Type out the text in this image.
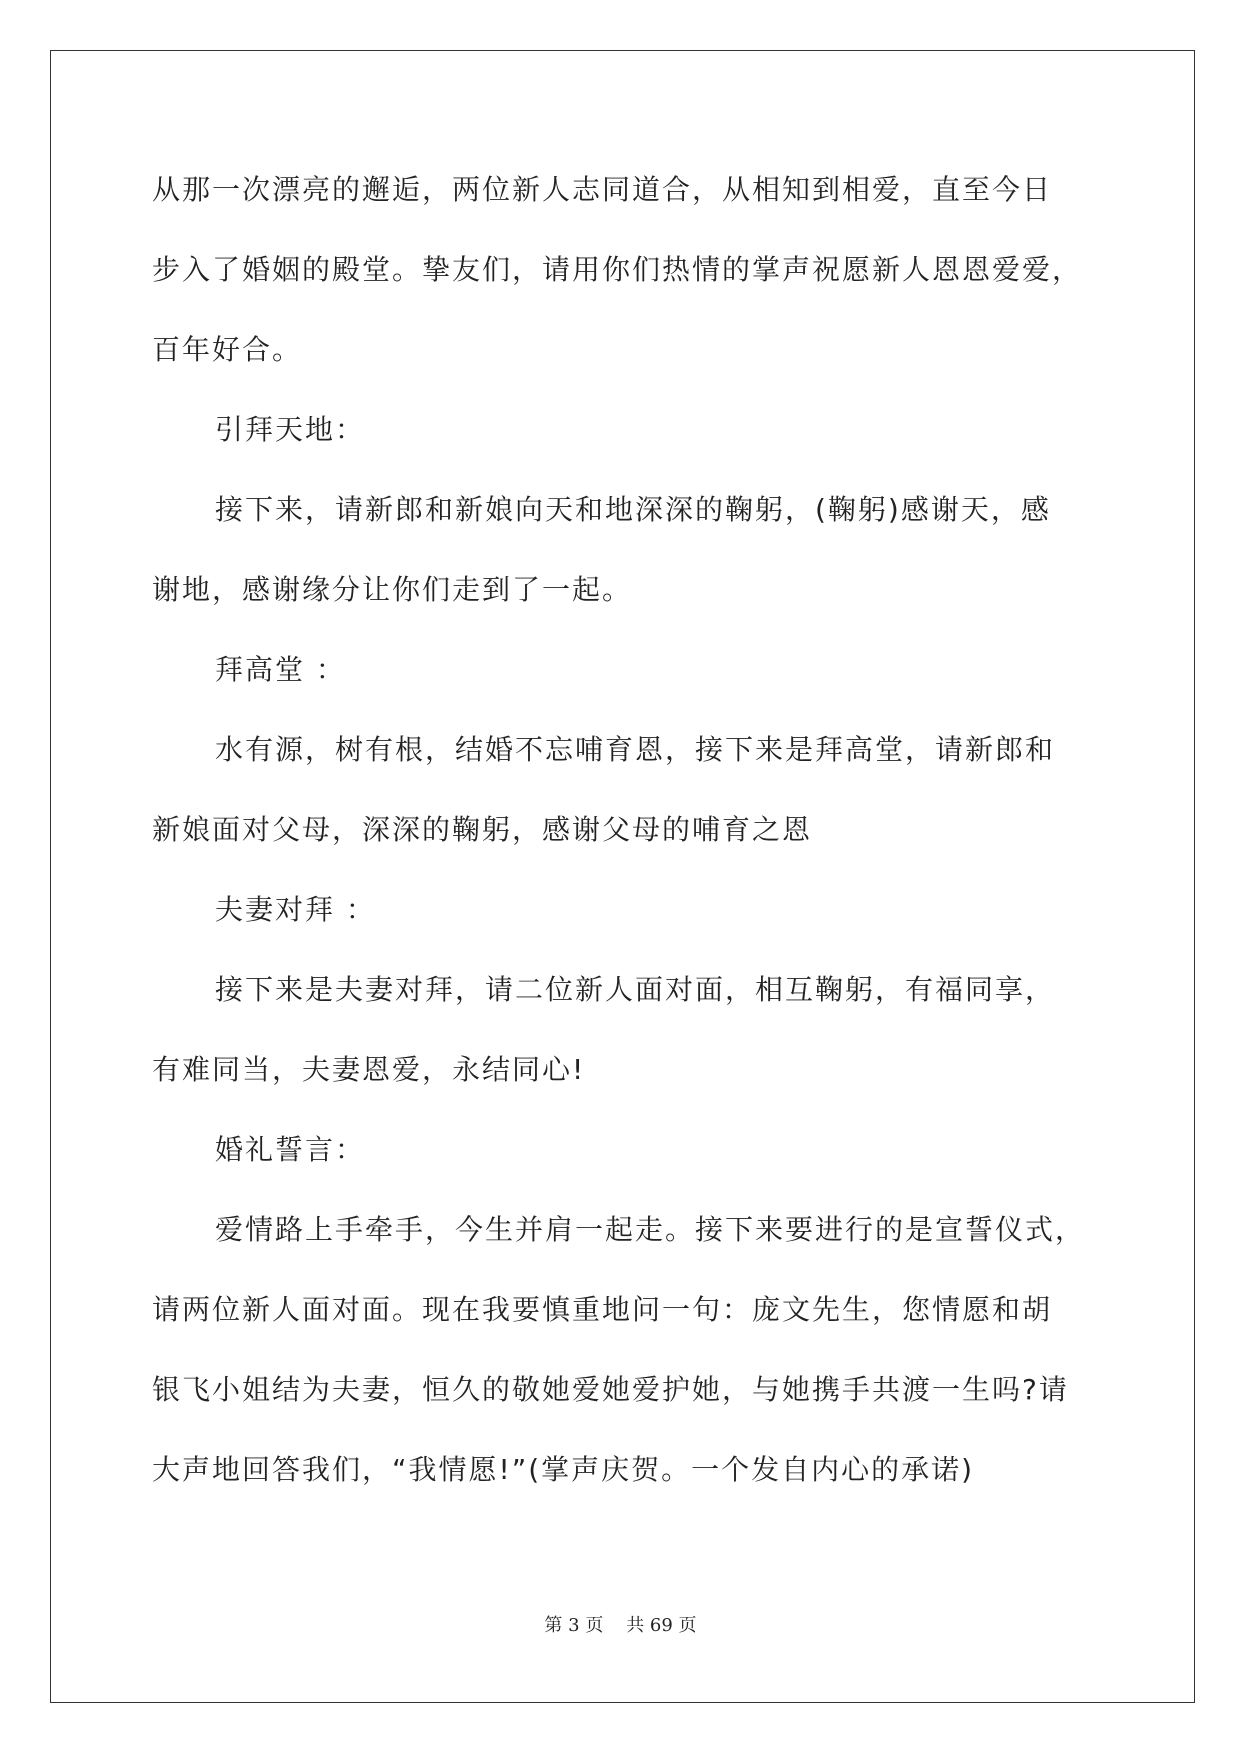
从那一次漂亮的邂逅，两位新人志同道合，从相知到相爱，直至今日
步入了婚姻的殿堂。挚友们，请用你们热情的掌声祝愿新人恩恩爱爱，
百年好合。
引拜天地：
接下来，请新郎和新娘向天和地深深的鞠躬，(鞠躬)感谢天，感
谢地，感谢缘分让你们走到了一起。
拜高堂 ：
水有源，树有根，结婚不忘哺育恩，接下来是拜高堂，请新郎和
新娘面对父母，深深的鞠躬，感谢父母的哺育之恩
夫妻对拜 ：
接下来是夫妻对拜，请二位新人面对面，相互鞠躬，有福同享，
有难同当，夫妻恩爱，永结同心!
婚礼誓言：
爱情路上手牵手，今生并肩一起走。接下来要进行的是宣誓仪式，
请两位新人面对面。现在我要慎重地问一句：庞文先生，您情愿和胡
银飞小姐结为夫妻，恒久的敬她爱她爱护她，与她携手共渡一生吗?请
大声地回答我们，“我情愿!”(掌声庆贺。一个发自内心的承诺)
第 3 页    共 69 页
